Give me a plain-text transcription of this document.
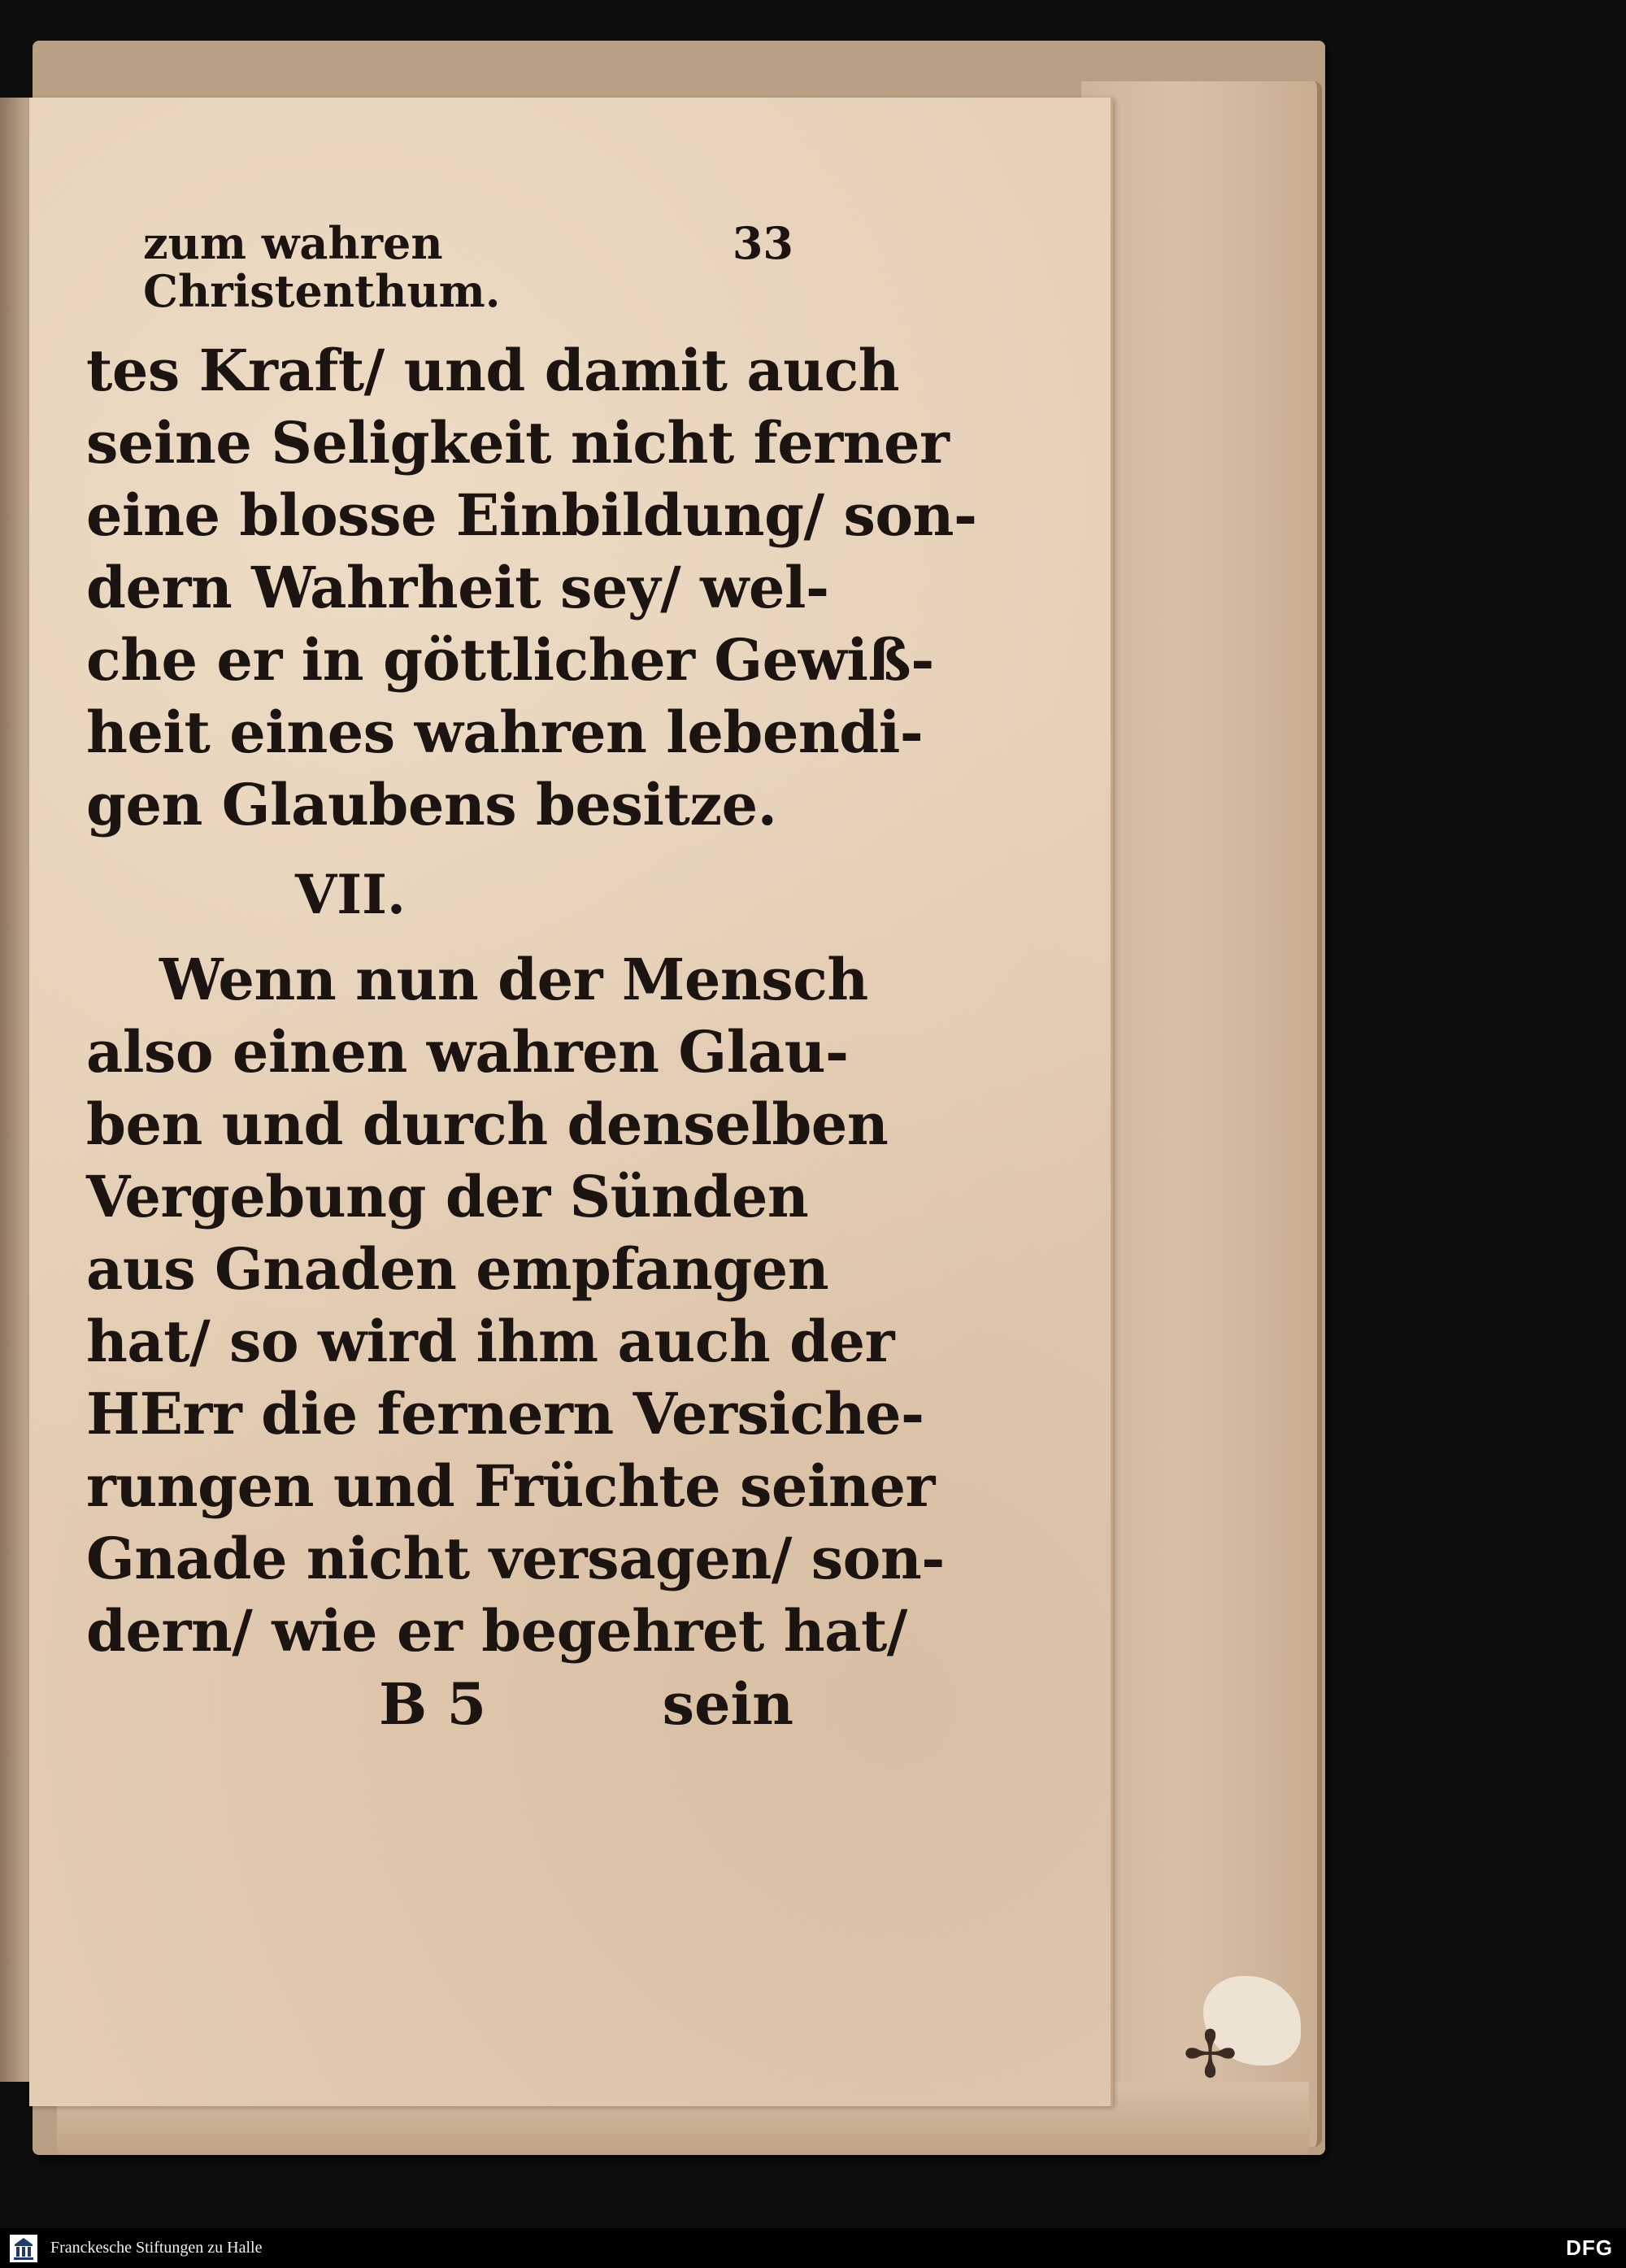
zum wahren Christenthum.
33
tes Kraft/ und damit auch
seine Seligkeit nicht ferner
eine blosse Einbildung/ son-
dern Wahrheit sey/ wel-
che er in göttlicher Gewiß-
heit eines wahren lebendi-
gen Glaubens besitze.
VII.
Wenn nun der Mensch
also einen wahren Glau-
ben und durch denselben
Vergebung der Sünden
aus Gnaden empfangen
hat/ so wird ihm auch der
HErr die fernern Versiche-
rungen und Früchte seiner
Gnade nicht versagen/ son-
dern/ wie er begehret hat/
B 5	sein
✢
Franckesche Stiftungen zu Halle	DFG
